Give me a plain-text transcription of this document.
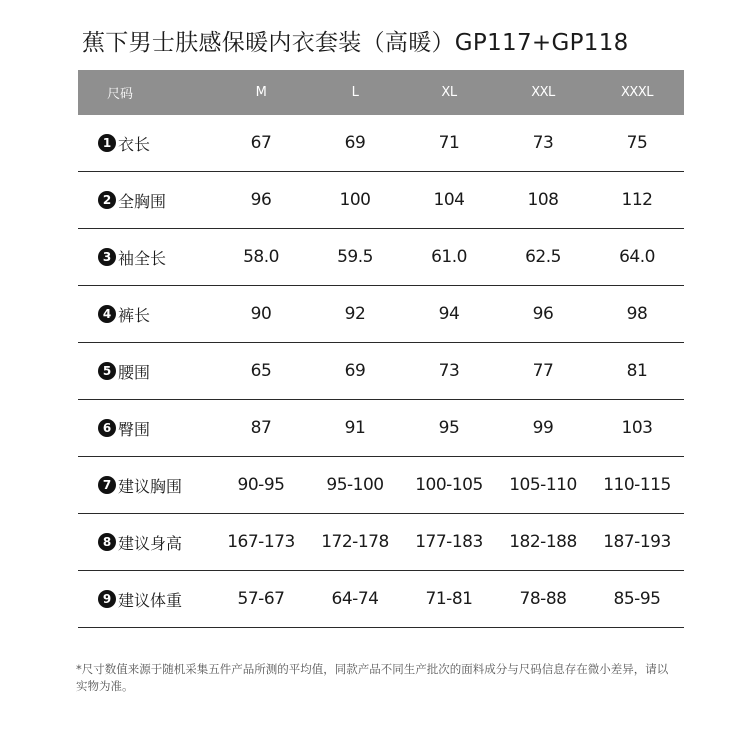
蕉下男士肤感保暖内衣套装（高暖）GP117+GP118
尺码	M	L	XL	XXL	XXXL
1 衣长	67	69	71	73	75
2 全胸围	96	100	104	108	112
3 袖全长	58.0	59.5	61.0	62.5	64.0
4 裤长	90	92	94	96	98
5 腰围	65	69	73	77	81
6 臀围	87	91	95	99	103
7 建议胸围	90-95	95-100	100-105	105-110	110-115
8 建议身高	167-173	172-178	177-183	182-188	187-193
9 建议体重	57-67	64-74	71-81	78-88	85-95
*尺寸数值来源于随机采集五件产品所测的平均值，同款产品不同生产批次的面料成分与尺码信息存在微小差异，请以实物为准。
